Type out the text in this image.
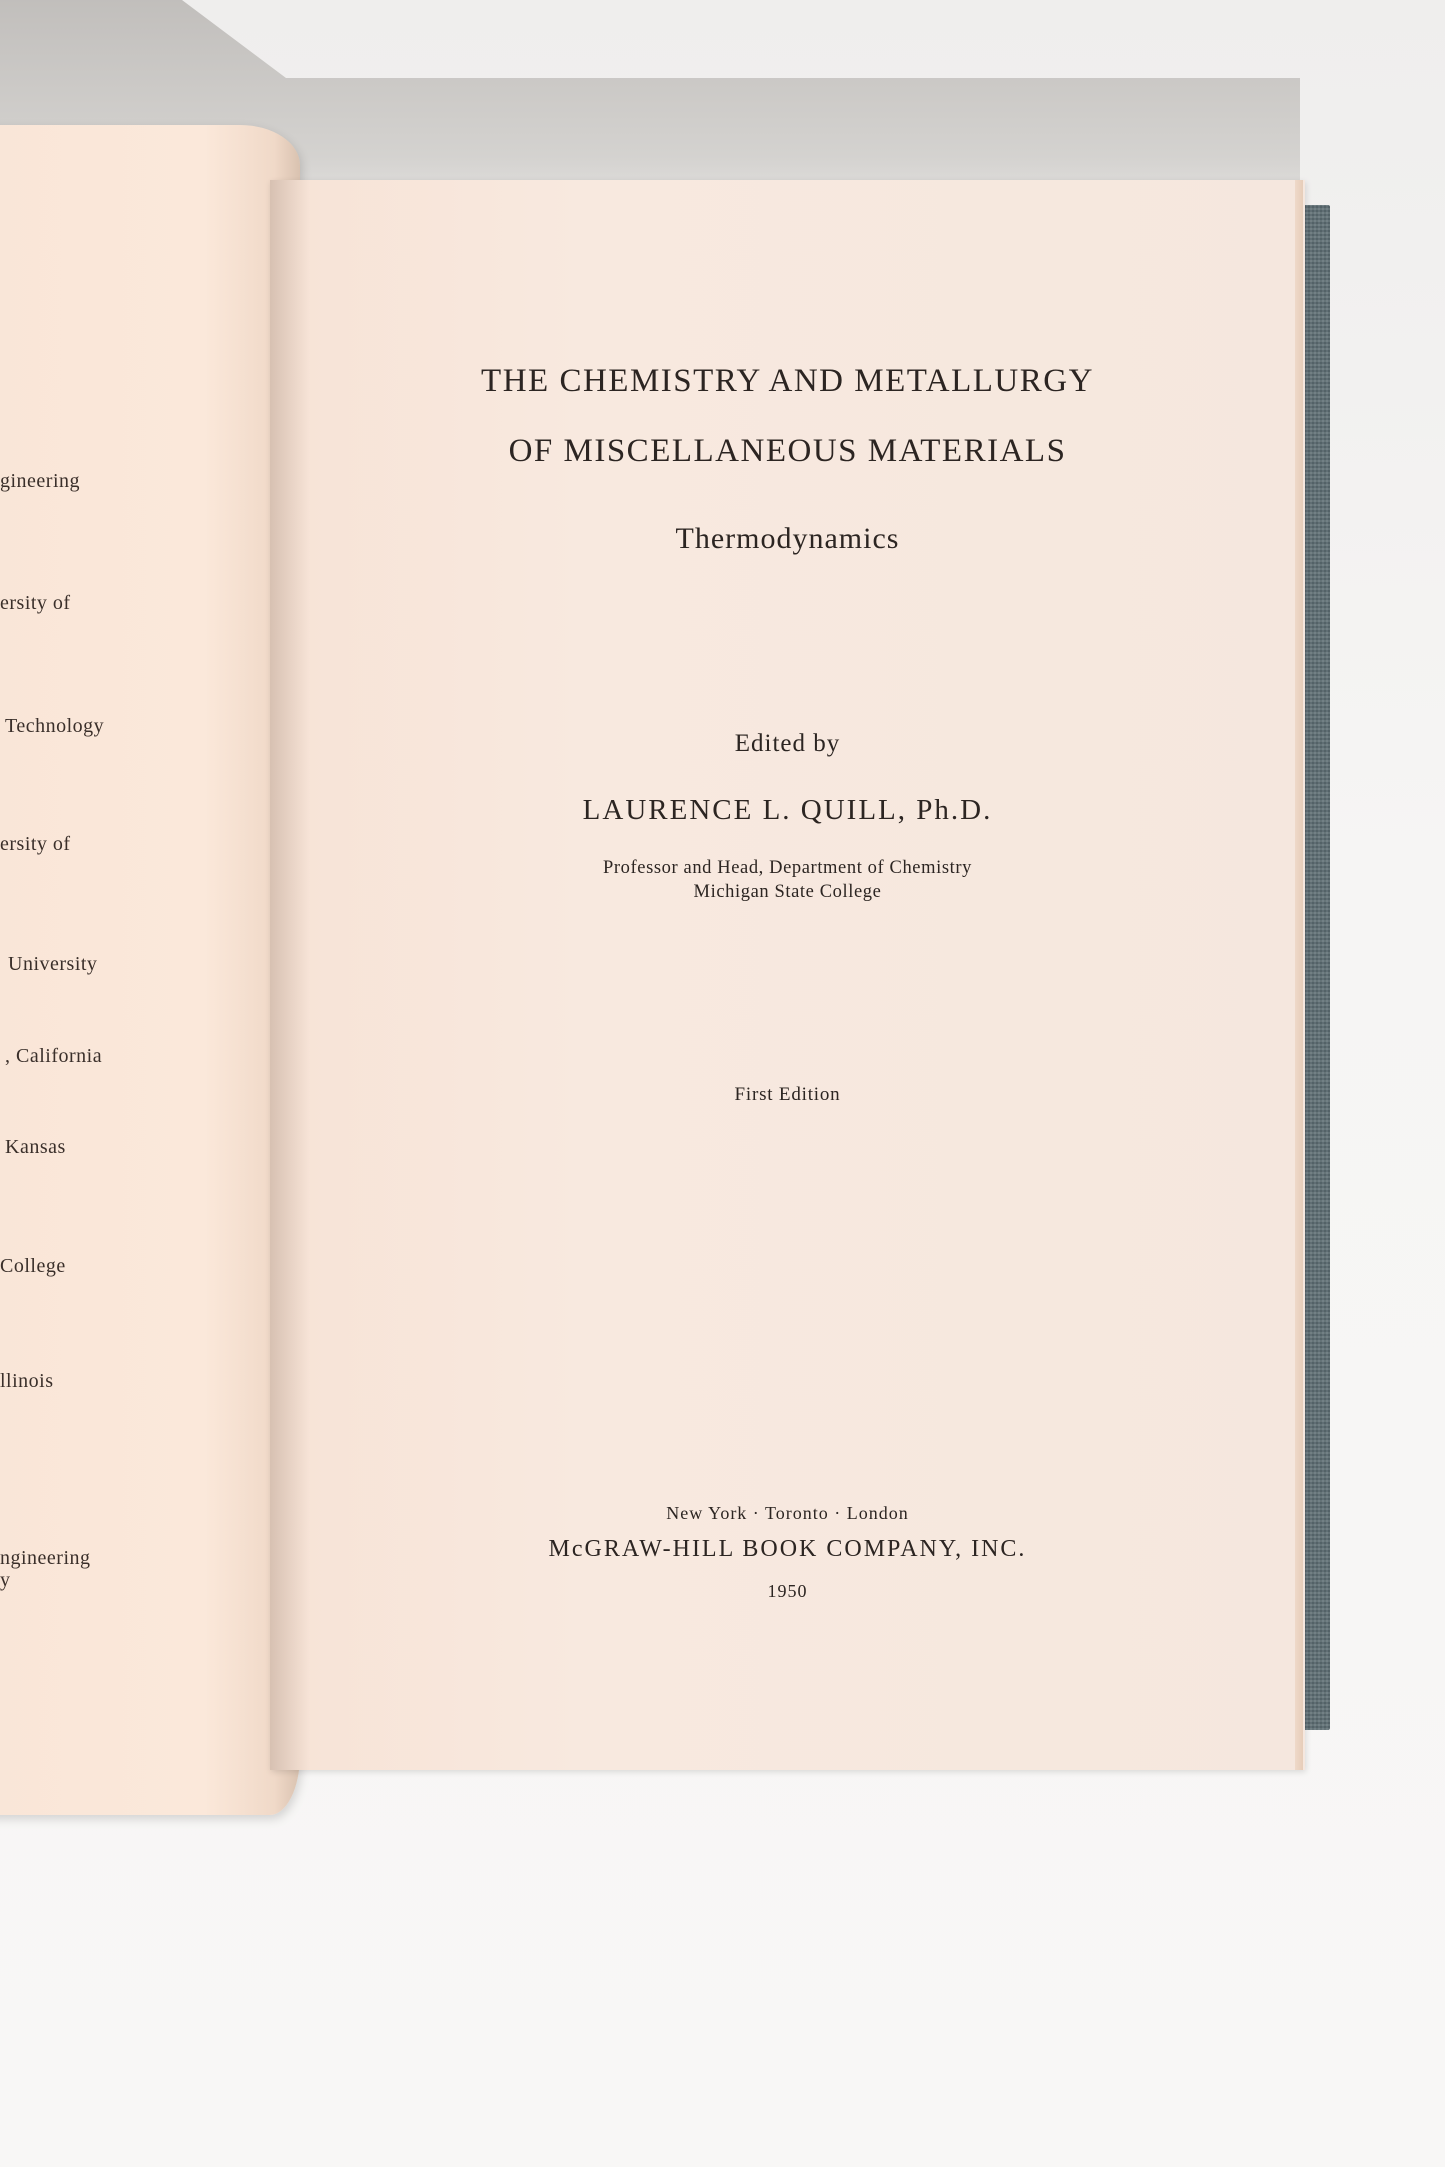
gineering
ersity of
Technology
ersity of
University
, California
Kansas
College
llinois
ngineering
y

THE CHEMISTRY AND METALLURGY

OF MISCELLANEOUS MATERIALS

Thermodynamics

Edited by

LAURENCE L. QUILL, Ph.D.

Professor and Head, Department of Chemistry

Michigan State College

First Edition

New York · Toronto · London

McGRAW-HILL BOOK COMPANY, INC.

1950
